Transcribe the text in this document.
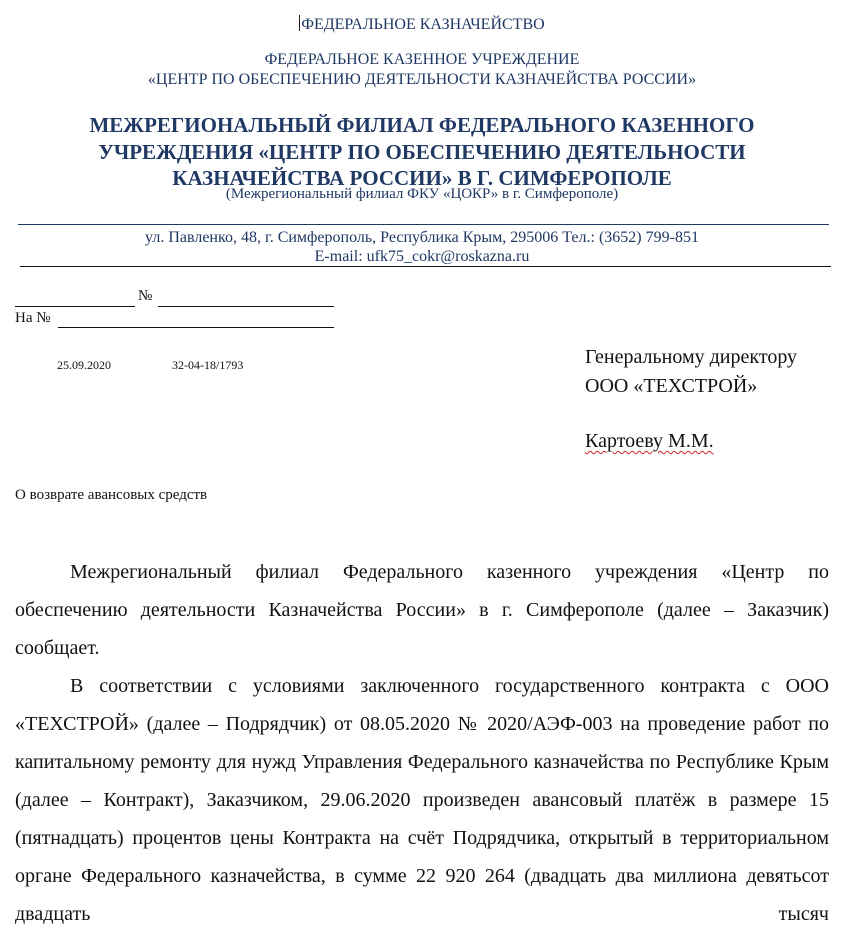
ФЕДЕРАЛЬНОЕ КАЗНАЧЕЙСТВО
ФЕДЕРАЛЬНОЕ КАЗЕННОЕ УЧРЕЖДЕНИЕ
«ЦЕНТР ПО ОБЕСПЕЧЕНИЮ ДЕЯТЕЛЬНОСТИ КАЗНАЧЕЙСТВА РОССИИ»
МЕЖРЕГИОНАЛЬНЫЙ ФИЛИАЛ ФЕДЕРАЛЬНОГО КАЗЕННОГО
УЧРЕЖДЕНИЯ «ЦЕНТР ПО ОБЕСПЕЧЕНИЮ ДЕЯТЕЛЬНОСТИ
КАЗНАЧЕЙСТВА РОССИИ» В Г. СИМФЕРОПОЛЕ
(Межрегиональный филиал ФКУ «ЦОКР» в г. Симферополе)
ул. Павленко, 48, г. Симферополь, Республика Крым, 295006 Тел.: (3652) 799-851
E-mail: ufk75_cokr@roskazna.ru
№
На №
25.09.2020	32-04-18/1793	Генеральному директору
ООО «ТЕХСТРОЙ»
Картоеву М.М.
О возврате авансовых средств

Межрегиональный филиал Федерального казенного учреждения «Центр по обеспечению деятельности Казначейства России» в г. Симферополе (далее – Заказчик) сообщает.

В соответствии с условиями заключенного государственного контракта с ООО «ТЕХСТРОЙ» (далее – Подрядчик) от 08.05.2020 № 2020/АЭФ-003 на проведение работ по капитальному ремонту для нужд Управления Федерального казначейства по Республике Крым (далее – Контракт), Заказчиком, 29.06.2020 произведен авансовый платёж в размере 15 (пятнадцать) процентов цены Контракта на счёт Подрядчика, открытый в территориальном органе Федерального казначейства, в сумме 22 920 264 (двадцать два миллиона девятьсот двадцать тысяч
